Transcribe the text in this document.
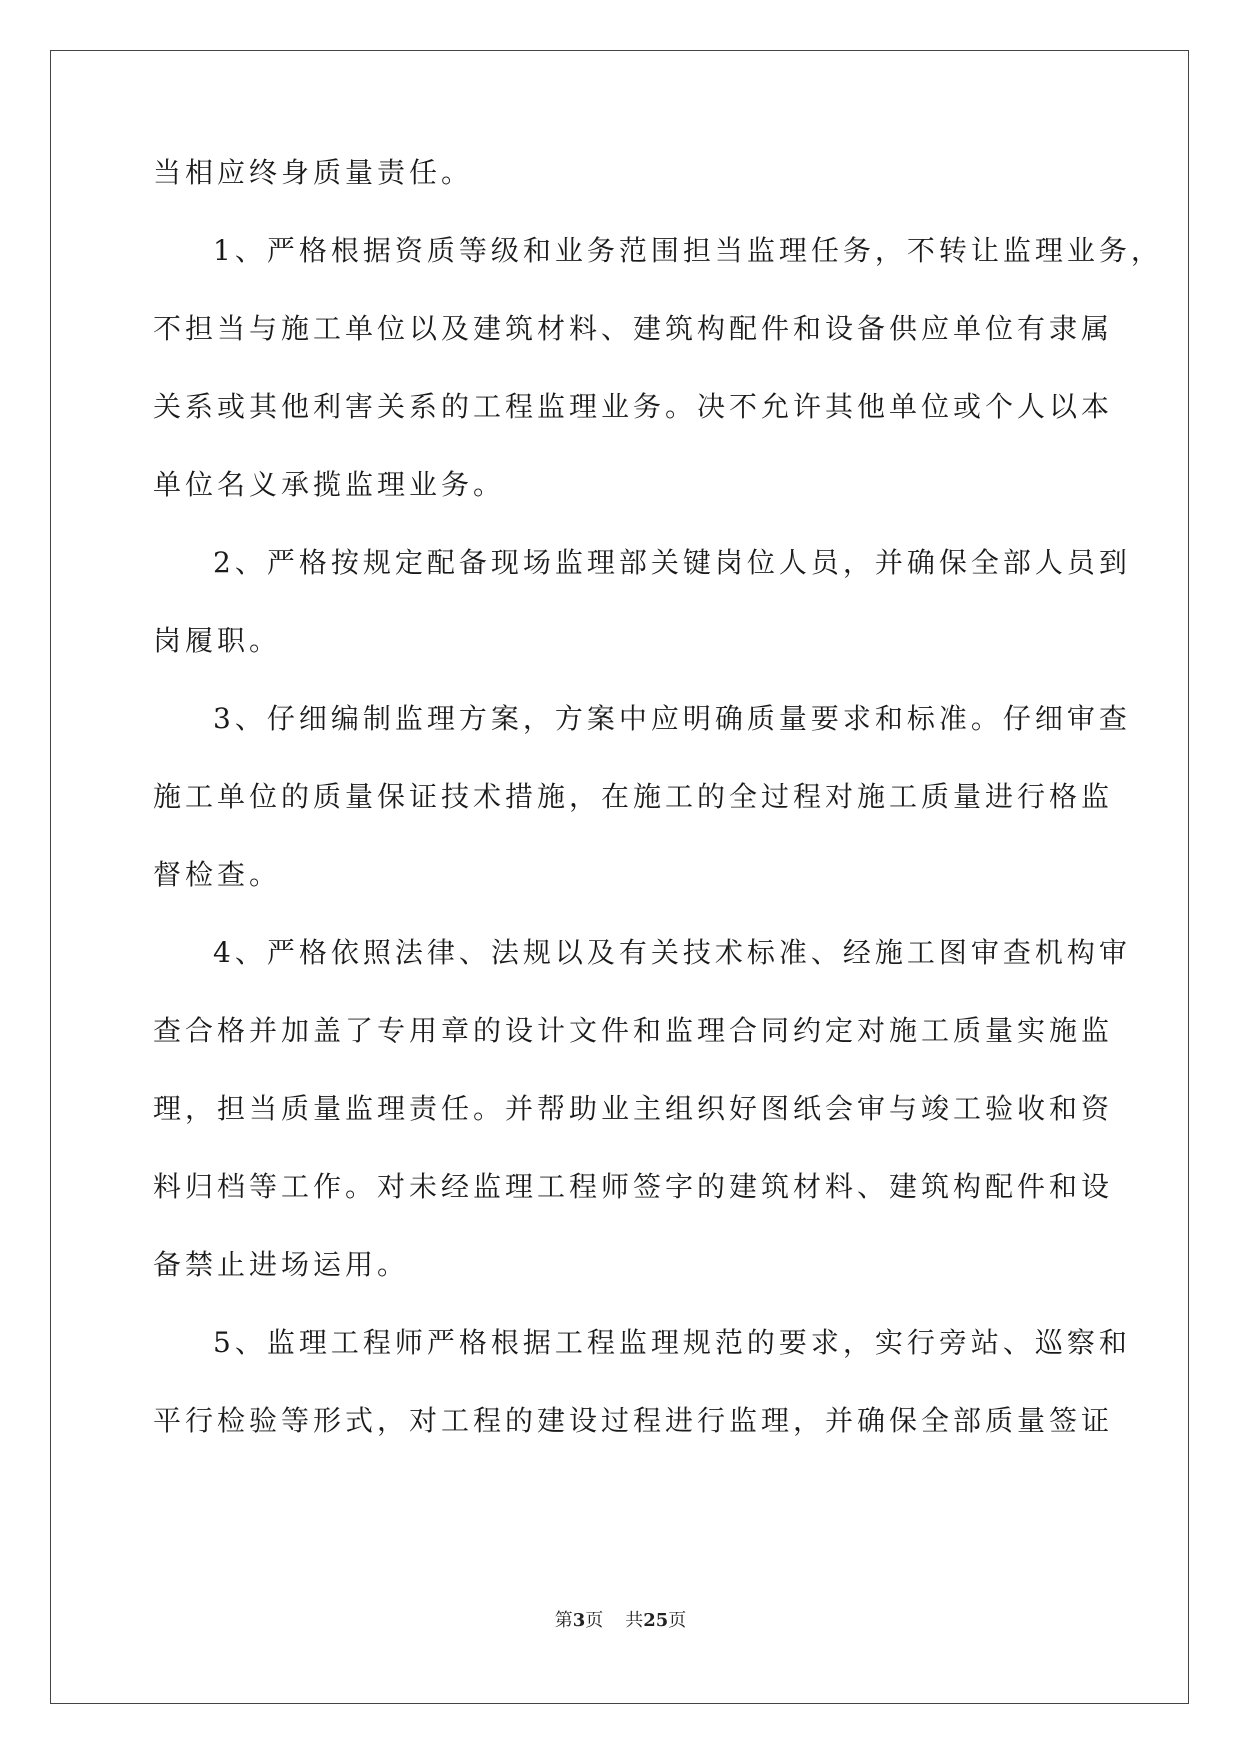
当相应终身质量责任。
1、严格根据资质等级和业务范围担当监理任务，不转让监理业务，
不担当与施工单位以及建筑材料、建筑构配件和设备供应单位有隶属
关系或其他利害关系的工程监理业务。决不允许其他单位或个人以本
单位名义承揽监理业务。
2、严格按规定配备现场监理部关键岗位人员，并确保全部人员到
岗履职。
3、仔细编制监理方案，方案中应明确质量要求和标准。仔细审查
施工单位的质量保证技术措施，在施工的全过程对施工质量进行格监
督检查。
4、严格依照法律、法规以及有关技术标准、经施工图审查机构审
查合格并加盖了专用章的设计文件和监理合同约定对施工质量实施监
理，担当质量监理责任。并帮助业主组织好图纸会审与竣工验收和资
料归档等工作。对未经监理工程师签字的建筑材料、建筑构配件和设
备禁止进场运用。
5、监理工程师严格根据工程监理规范的要求，实行旁站、巡察和
平行检验等形式，对工程的建设过程进行监理，并确保全部质量签证
第3页 共25页
